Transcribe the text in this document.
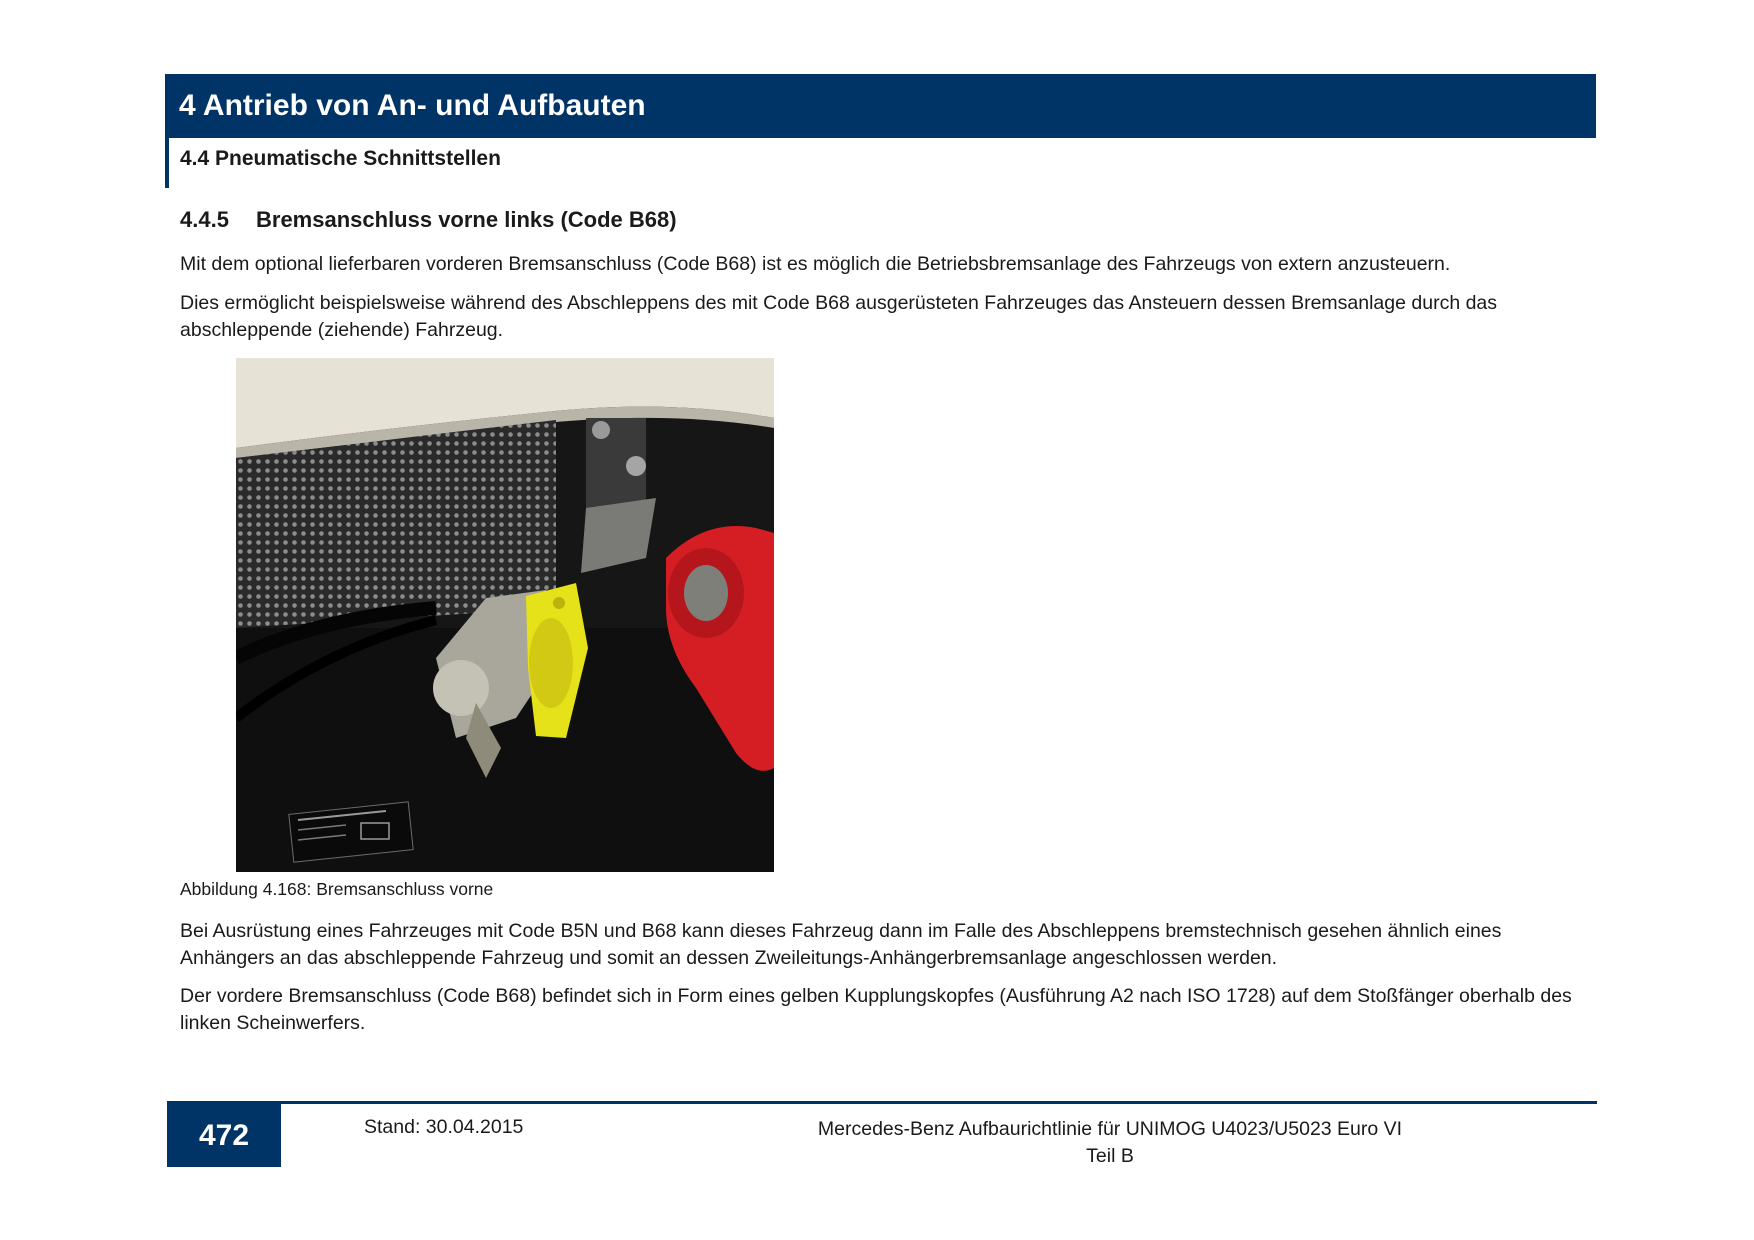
4 Antrieb von An- und Aufbauten
4.4 Pneumatische Schnittstellen
4.4.5 Bremsanschluss vorne links (Code B68)

Mit dem optional lieferbaren vorderen Bremsanschluss (Code B68) ist es möglich die Betriebsbremsanlage des Fahrzeugs von extern anzusteuern.

Dies ermöglicht beispielsweise während des Abschleppens des mit Code B68 ausgerüsteten Fahrzeuges das Ansteuern dessen Bremsanlage durch das abschleppende (ziehende) Fahrzeug.

Abbildung 4.168: Bremsanschluss vorne

Bei Ausrüstung eines Fahrzeuges mit Code B5N und B68 kann dieses Fahrzeug dann im Falle des Abschleppens bremstechnisch gesehen ähnlich eines Anhängers an das abschleppende Fahrzeug und somit an dessen Zweileitungs-Anhängerbremsanlage angeschlossen werden.

Der vordere Bremsanschluss (Code B68) befindet sich in Form eines gelben Kupplungskopfes (Ausführung A2 nach ISO 1728) auf dem Stoßfänger oberhalb des linken Scheinwerfers.

472	Stand: 30.04.2015	Mercedes-Benz Aufbaurichtlinie für UNIMOG U4023/U5023 Euro VI
Teil B
